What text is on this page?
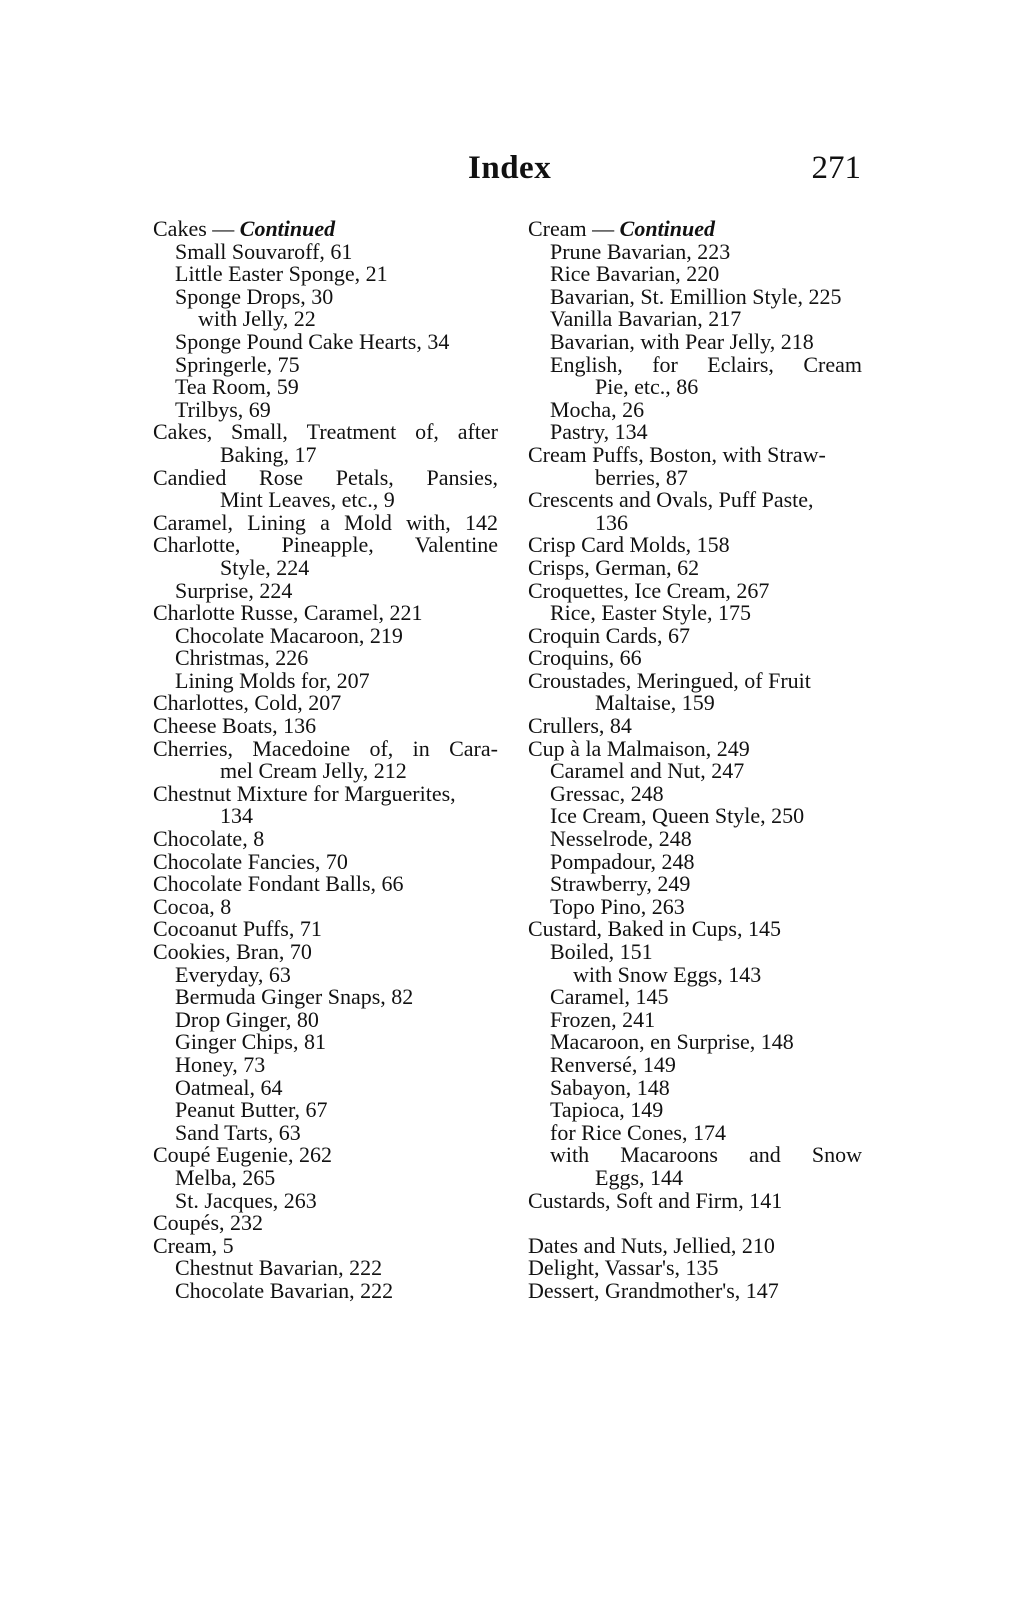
Index	271
Cakes — Continued
Small Souvaroff, 61
Little Easter Sponge, 21
Sponge Drops, 30
with Jelly, 22
Sponge Pound Cake Hearts, 34
Springerle, 75
Tea Room, 59
Trilbys, 69
Cakes, Small, Treatment of, after
Baking, 17
Candied Rose Petals, Pansies,
Mint Leaves, etc., 9
Caramel, Lining a Mold with, 142
Charlotte, Pineapple, Valentine
Style, 224
Surprise, 224
Charlotte Russe, Caramel, 221
Chocolate Macaroon, 219
Christmas, 226
Lining Molds for, 207
Charlottes, Cold, 207
Cheese Boats, 136
Cherries, Macedoine of, in Cara-
mel Cream Jelly, 212
Chestnut Mixture for Marguerites,
134
Chocolate, 8
Chocolate Fancies, 70
Chocolate Fondant Balls, 66
Cocoa, 8
Cocoanut Puffs, 71
Cookies, Bran, 70
Everyday, 63
Bermuda Ginger Snaps, 82
Drop Ginger, 80
Ginger Chips, 81
Honey, 73
Oatmeal, 64
Peanut Butter, 67
Sand Tarts, 63
Coupé Eugenie, 262
Melba, 265
St. Jacques, 263
Coupés, 232
Cream, 5
Chestnut Bavarian, 222
Chocolate Bavarian, 222
Cream — Continued
Prune Bavarian, 223
Rice Bavarian, 220
Bavarian, St. Emillion Style, 225
Vanilla Bavarian, 217
Bavarian, with Pear Jelly, 218
English, for Eclairs, Cream
Pie, etc., 86
Mocha, 26
Pastry, 134
Cream Puffs, Boston, with Straw-
berries, 87
Crescents and Ovals, Puff Paste,
136
Crisp Card Molds, 158
Crisps, German, 62
Croquettes, Ice Cream, 267
Rice, Easter Style, 175
Croquin Cards, 67
Croquins, 66
Croustades, Meringued, of Fruit
Maltaise, 159
Crullers, 84
Cup à la Malmaison, 249
Caramel and Nut, 247
Gressac, 248
Ice Cream, Queen Style, 250
Nesselrode, 248
Pompadour, 248
Strawberry, 249
Topo Pino, 263
Custard, Baked in Cups, 145
Boiled, 151
with Snow Eggs, 143
Caramel, 145
Frozen, 241
Macaroon, en Surprise, 148
Renversé, 149
Sabayon, 148
Tapioca, 149
for Rice Cones, 174
with Macaroons and Snow
Eggs, 144
Custards, Soft and Firm, 141
Dates and Nuts, Jellied, 210
Delight, Vassar's, 135
Dessert, Grandmother's, 147
